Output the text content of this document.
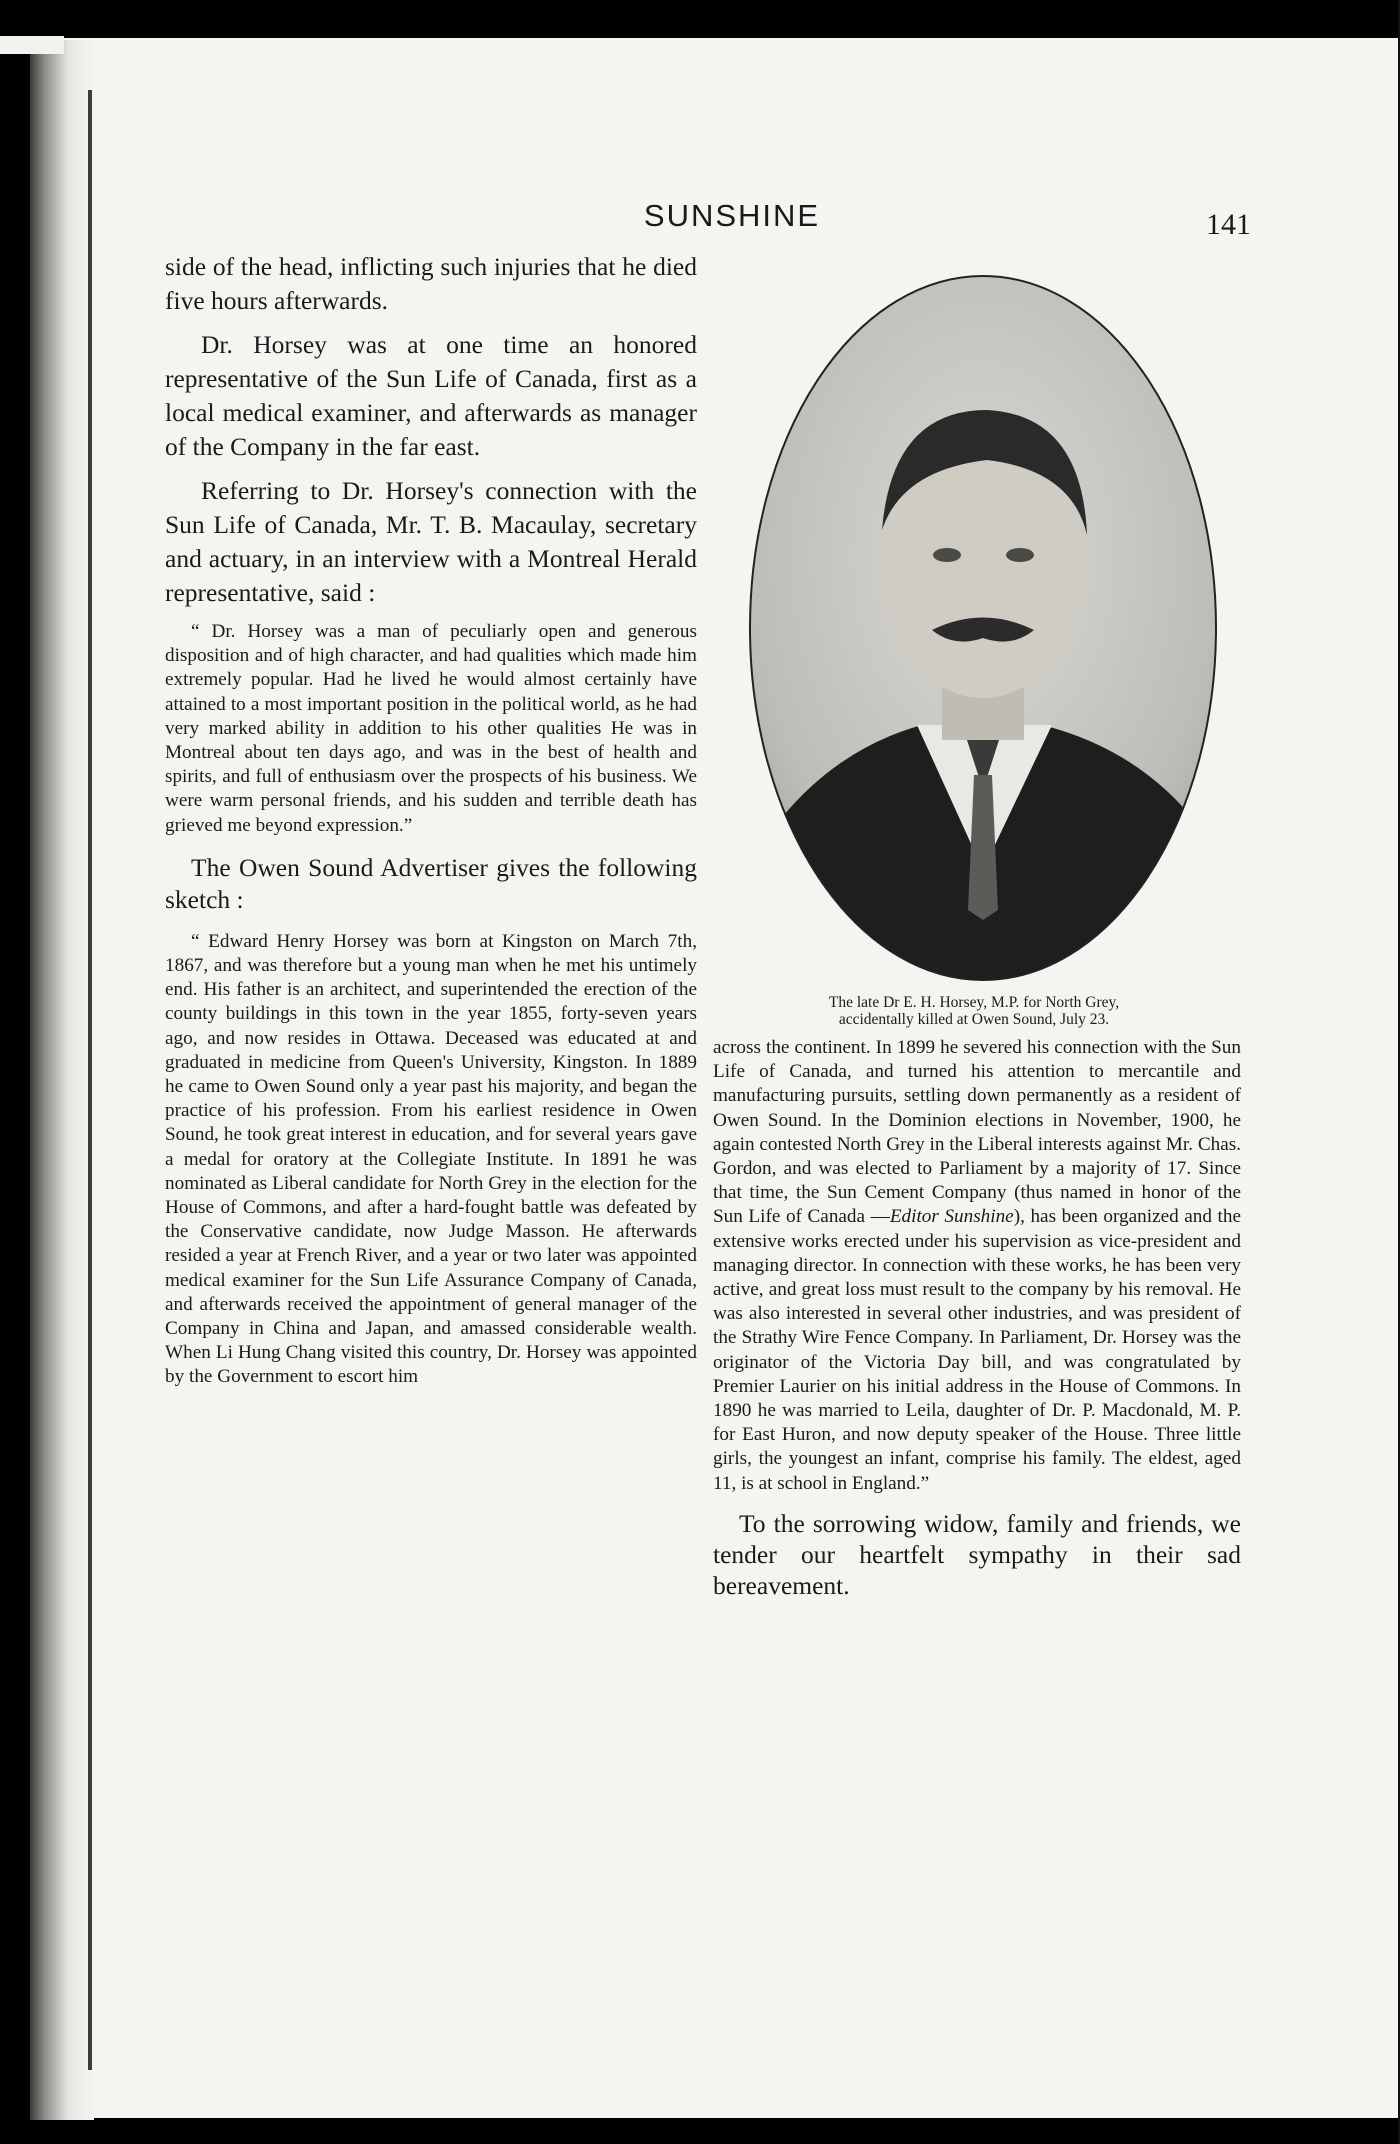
SUNSHINE	141

side of the head, inflicting such injuries that he died five hours afterwards.

Dr. Horsey was at one time an honored representative of the Sun Life of Canada, first as a local medical examiner, and afterwards as manager of the Company in the far east.

Referring to Dr. Horsey's connection with the Sun Life of Canada, Mr. T. B. Macaulay, secretary and actuary, in an interview with a Montreal Herald representative, said :

“ Dr. Horsey was a man of peculiarly open and generous disposition and of high character, and had qualities which made him extremely popular. Had he lived he would almost certainly have attained to a most important position in the political world, as he had very marked ability in addition to his other qualities He was in Montreal about ten days ago, and was in the best of health and spirits, and full of enthusiasm over the prospects of his business. We were warm personal friends, and his sudden and terrible death has grieved me beyond expression.”

The Owen Sound Advertiser gives the following sketch :

“ Edward Henry Horsey was born at Kingston on March 7th, 1867, and was therefore but a young man when he met his untimely end. His father is an architect, and superintended the erection of the county buildings in this town in the year 1855, forty-seven years ago, and now resides in Ottawa. Deceased was educated at and graduated in medicine from Queen's University, Kingston. In 1889 he came to Owen Sound only a year past his majority, and began the practice of his profession. From his earliest residence in Owen Sound, he took great interest in education, and for several years gave a medal for oratory at the Collegiate Institute. In 1891 he was nominated as Liberal candidate for North Grey in the election for the House of Commons, and after a hard-fought battle was defeated by the Conservative candidate, now Judge Masson. He afterwards resided a year at French River, and a year or two later was appointed medical examiner for the Sun Life Assurance Company of Canada, and afterwards received the appointment of general manager of the Company in China and Japan, and amassed considerable wealth. When Li Hung Chang visited this country, Dr. Horsey was appointed by the Government to escort him

The late Dr E. H. Horsey, M.P. for North Grey,
accidentally killed at Owen Sound, July 23.

across the continent. In 1899 he severed his connection with the Sun Life of Canada, and turned his attention to mercantile and manufacturing pursuits, settling down permanently as a resident of Owen Sound. In the Dominion elections in November, 1900, he again contested North Grey in the Liberal interests against Mr. Chas. Gordon, and was elected to Parliament by a majority of 17. Since that time, the Sun Cement Company (thus named in honor of the Sun Life of Canada —Editor Sunshine), has been organized and the extensive works erected under his supervision as vice-president and managing director. In connection with these works, he has been very active, and great loss must result to the company by his removal. He was also interested in several other industries, and was president of the Strathy Wire Fence Company. In Parliament, Dr. Horsey was the originator of the Victoria Day bill, and was congratulated by Premier Laurier on his initial address in the House of Commons. In 1890 he was married to Leila, daughter of Dr. P. Macdonald, M. P. for East Huron, and now deputy speaker of the House. Three little girls, the youngest an infant, comprise his family. The eldest, aged 11, is at school in England.”

To the sorrowing widow, family and friends, we tender our heartfelt sympathy in their sad bereavement.
